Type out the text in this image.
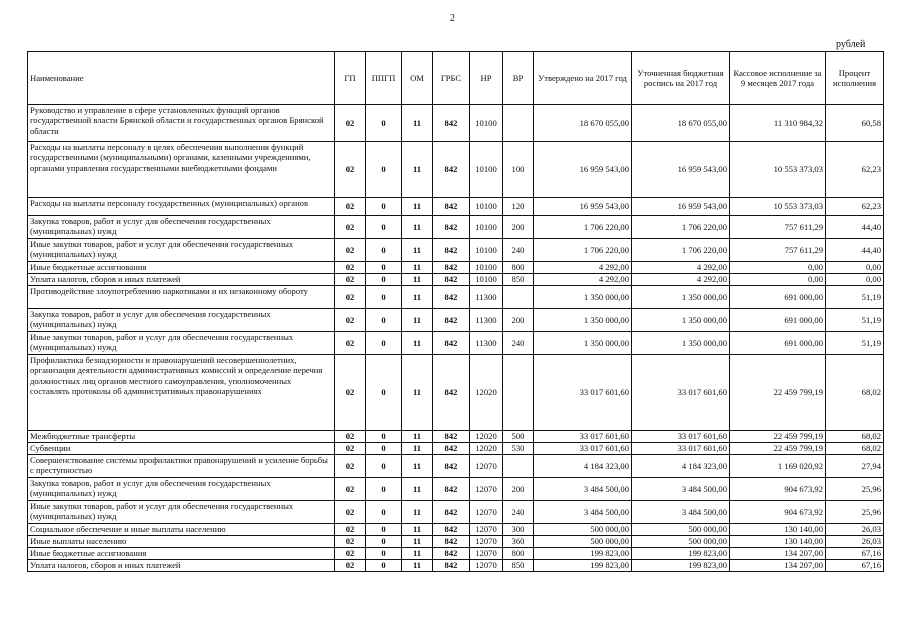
2
рублей
Наименование	ГП	ППГП	ОМ	ГРБС	НР	ВР	Утверждено на 2017 год	Уточненная бюджетная роспись на 2017 год	Кассовое исполнение за 9 месяцев 2017 года	Процент исполнения
Руководство и управление в сфере установленных функций органов государственной власти Брянской области и государственных органов Брянской области	02	0	11	842	10100		18 670 055,00	18 670 055,00	11 310 984,32	60,58
Расходы на выплаты персоналу в целях обеспечения выполнения функций государственными (муниципальными) органами, казенными учреждениями, органами управления государственными внебюджетными фондами	02	0	11	842	10100	100	16 959 543,00	16 959 543,00	10 553 373,03	62,23
Расходы на выплаты персоналу государственных (муниципальных) органов	02	0	11	842	10100	120	16 959 543,00	16 959 543,00	10 553 373,03	62,23
Закупка товаров, работ и услуг для обеспечения государственных (муниципальных) нужд	02	0	11	842	10100	200	1 706 220,00	1 706 220,00	757 611,29	44,40
Иные закупки товаров, работ и услуг для обеспечения государственных (муниципальных) нужд	02	0	11	842	10100	240	1 706 220,00	1 706 220,00	757 611,29	44,40
Иные бюджетные ассигнования	02	0	11	842	10100	800	4 292,00	4 292,00	0,00	0,00
Уплата налогов, сборов и иных платежей	02	0	11	842	10100	850	4 292,00	4 292,00	0,00	0,00
Противодействие злоупотреблению наркотиками и их незаконному обороту	02	0	11	842	11300		1 350 000,00	1 350 000,00	691 000,00	51,19
Закупка товаров, работ и услуг для обеспечения государственных (муниципальных) нужд	02	0	11	842	11300	200	1 350 000,00	1 350 000,00	691 000,00	51,19
Иные закупки товаров, работ и услуг для обеспечения государственных (муниципальных) нужд	02	0	11	842	11300	240	1 350 000,00	1 350 000,00	691 000,00	51,19
Профилактика безнадзорности и правонарушений несовершеннолетних, организация деятельности административных комиссий и определение перечня должностных лиц органов местного самоуправления, уполномоченных составлять протоколы об административных правонарушениях	02	0	11	842	12020		33 017 601,60	33 017 601,60	22 459 799,19	68,02
Межбюджетные трансферты	02	0	11	842	12020	500	33 017 601,60	33 017 601,60	22 459 799,19	68,02
Субвенции	02	0	11	842	12020	530	33 017 601,60	33 017 601,60	22 459 799,19	68,02
Совершенствование системы профилактики правонарушений и усиление борьбы с преступностью	02	0	11	842	12070		4 184 323,00	4 184 323,00	1 169 020,92	27,94
Закупка товаров, работ и услуг для обеспечения государственных (муниципальных) нужд	02	0	11	842	12070	200	3 484 500,00	3 484 500,00	904 673,92	25,96
Иные закупки товаров, работ и услуг для обеспечения государственных (муниципальных) нужд	02	0	11	842	12070	240	3 484 500,00	3 484 500,00	904 673,92	25,96
Социальное обеспечение и иные выплаты населению	02	0	11	842	12070	300	500 000,00	500 000,00	130 140,00	26,03
Иные выплаты населению	02	0	11	842	12070	360	500 000,00	500 000,00	130 140,00	26,03
Иные бюджетные ассигнования	02	0	11	842	12070	800	199 823,00	199 823,00	134 207,00	67,16
Уплата налогов, сборов и иных платежей	02	0	11	842	12070	850	199 823,00	199 823,00	134 207,00	67,16
